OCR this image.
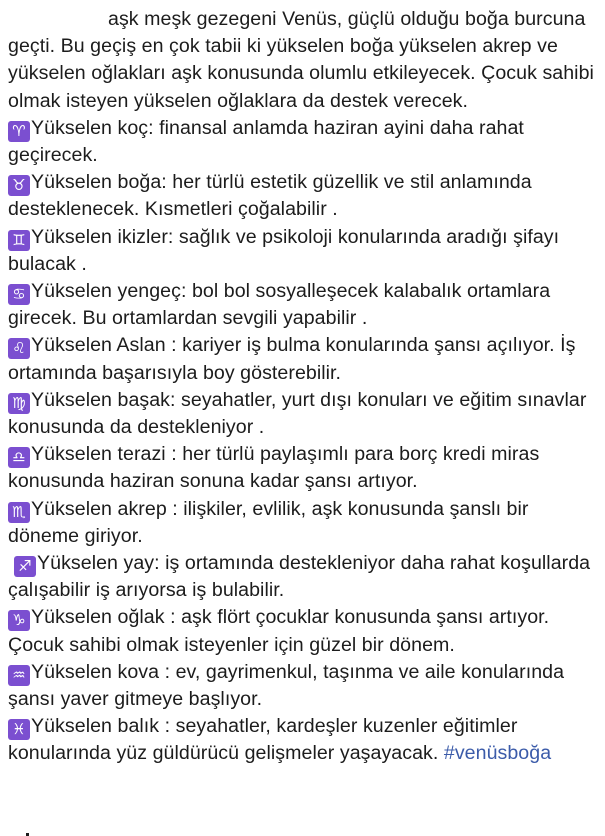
aşk meşk gezegeni Venüs, güçlü olduğu boğa burcuna geçti. Bu geçiş en çok tabii ki yükselen boğa yükselen akrep ve yükselen oğlakları aşk konusunda olumlu etkileyecek. Çocuk sahibi olmak isteyen yükselen oğlaklara da destek verecek.

♈ Yükselen koç: finansal anlamda haziran ayini daha rahat geçirecek.

♉ Yükselen boğa: her türlü estetik güzellik ve stil anlamında desteklenecek. Kısmetleri çoğalabilir .

♊ Yükselen ikizler: sağlık ve psikoloji konularında aradığı şifayı bulacak .

♋ Yükselen yengeç: bol bol sosyalleşecek kalabalık ortamlara girecek. Bu ortamlardan sevgili yapabilir .

♌ Yükselen Aslan : kariyer iş bulma konularında şansı açılıyor. İş ortamında başarısıyla boy gösterebilir.

♍ Yükselen başak: seyahatler, yurt dışı konuları ve eğitim sınavlar konusunda da destekleniyor .

♎ Yükselen terazi : her türlü paylaşımlı para borç kredi miras konusunda haziran sonuna kadar şansı artıyor.

♏ Yükselen akrep : ilişkiler, evlilik, aşk konusunda şanslı bir döneme giriyor.

♐ Yükselen yay: iş ortamında destekleniyor daha rahat koşullarda çalışabilir iş arıyorsa iş bulabilir.

♑ Yükselen oğlak : aşk flört çocuklar konusunda şansı artıyor. Çocuk sahibi olmak isteyenler için güzel bir dönem.

♒ Yükselen kova : ev, gayrimenkul, taşınma ve aile konularında şansı yaver gitmeye başlıyor.

♓ Yükselen balık : seyahatler, kardeşler kuzenler eğitimler konularında yüz güldürücü gelişmeler yaşayacak. #venüsboğa
